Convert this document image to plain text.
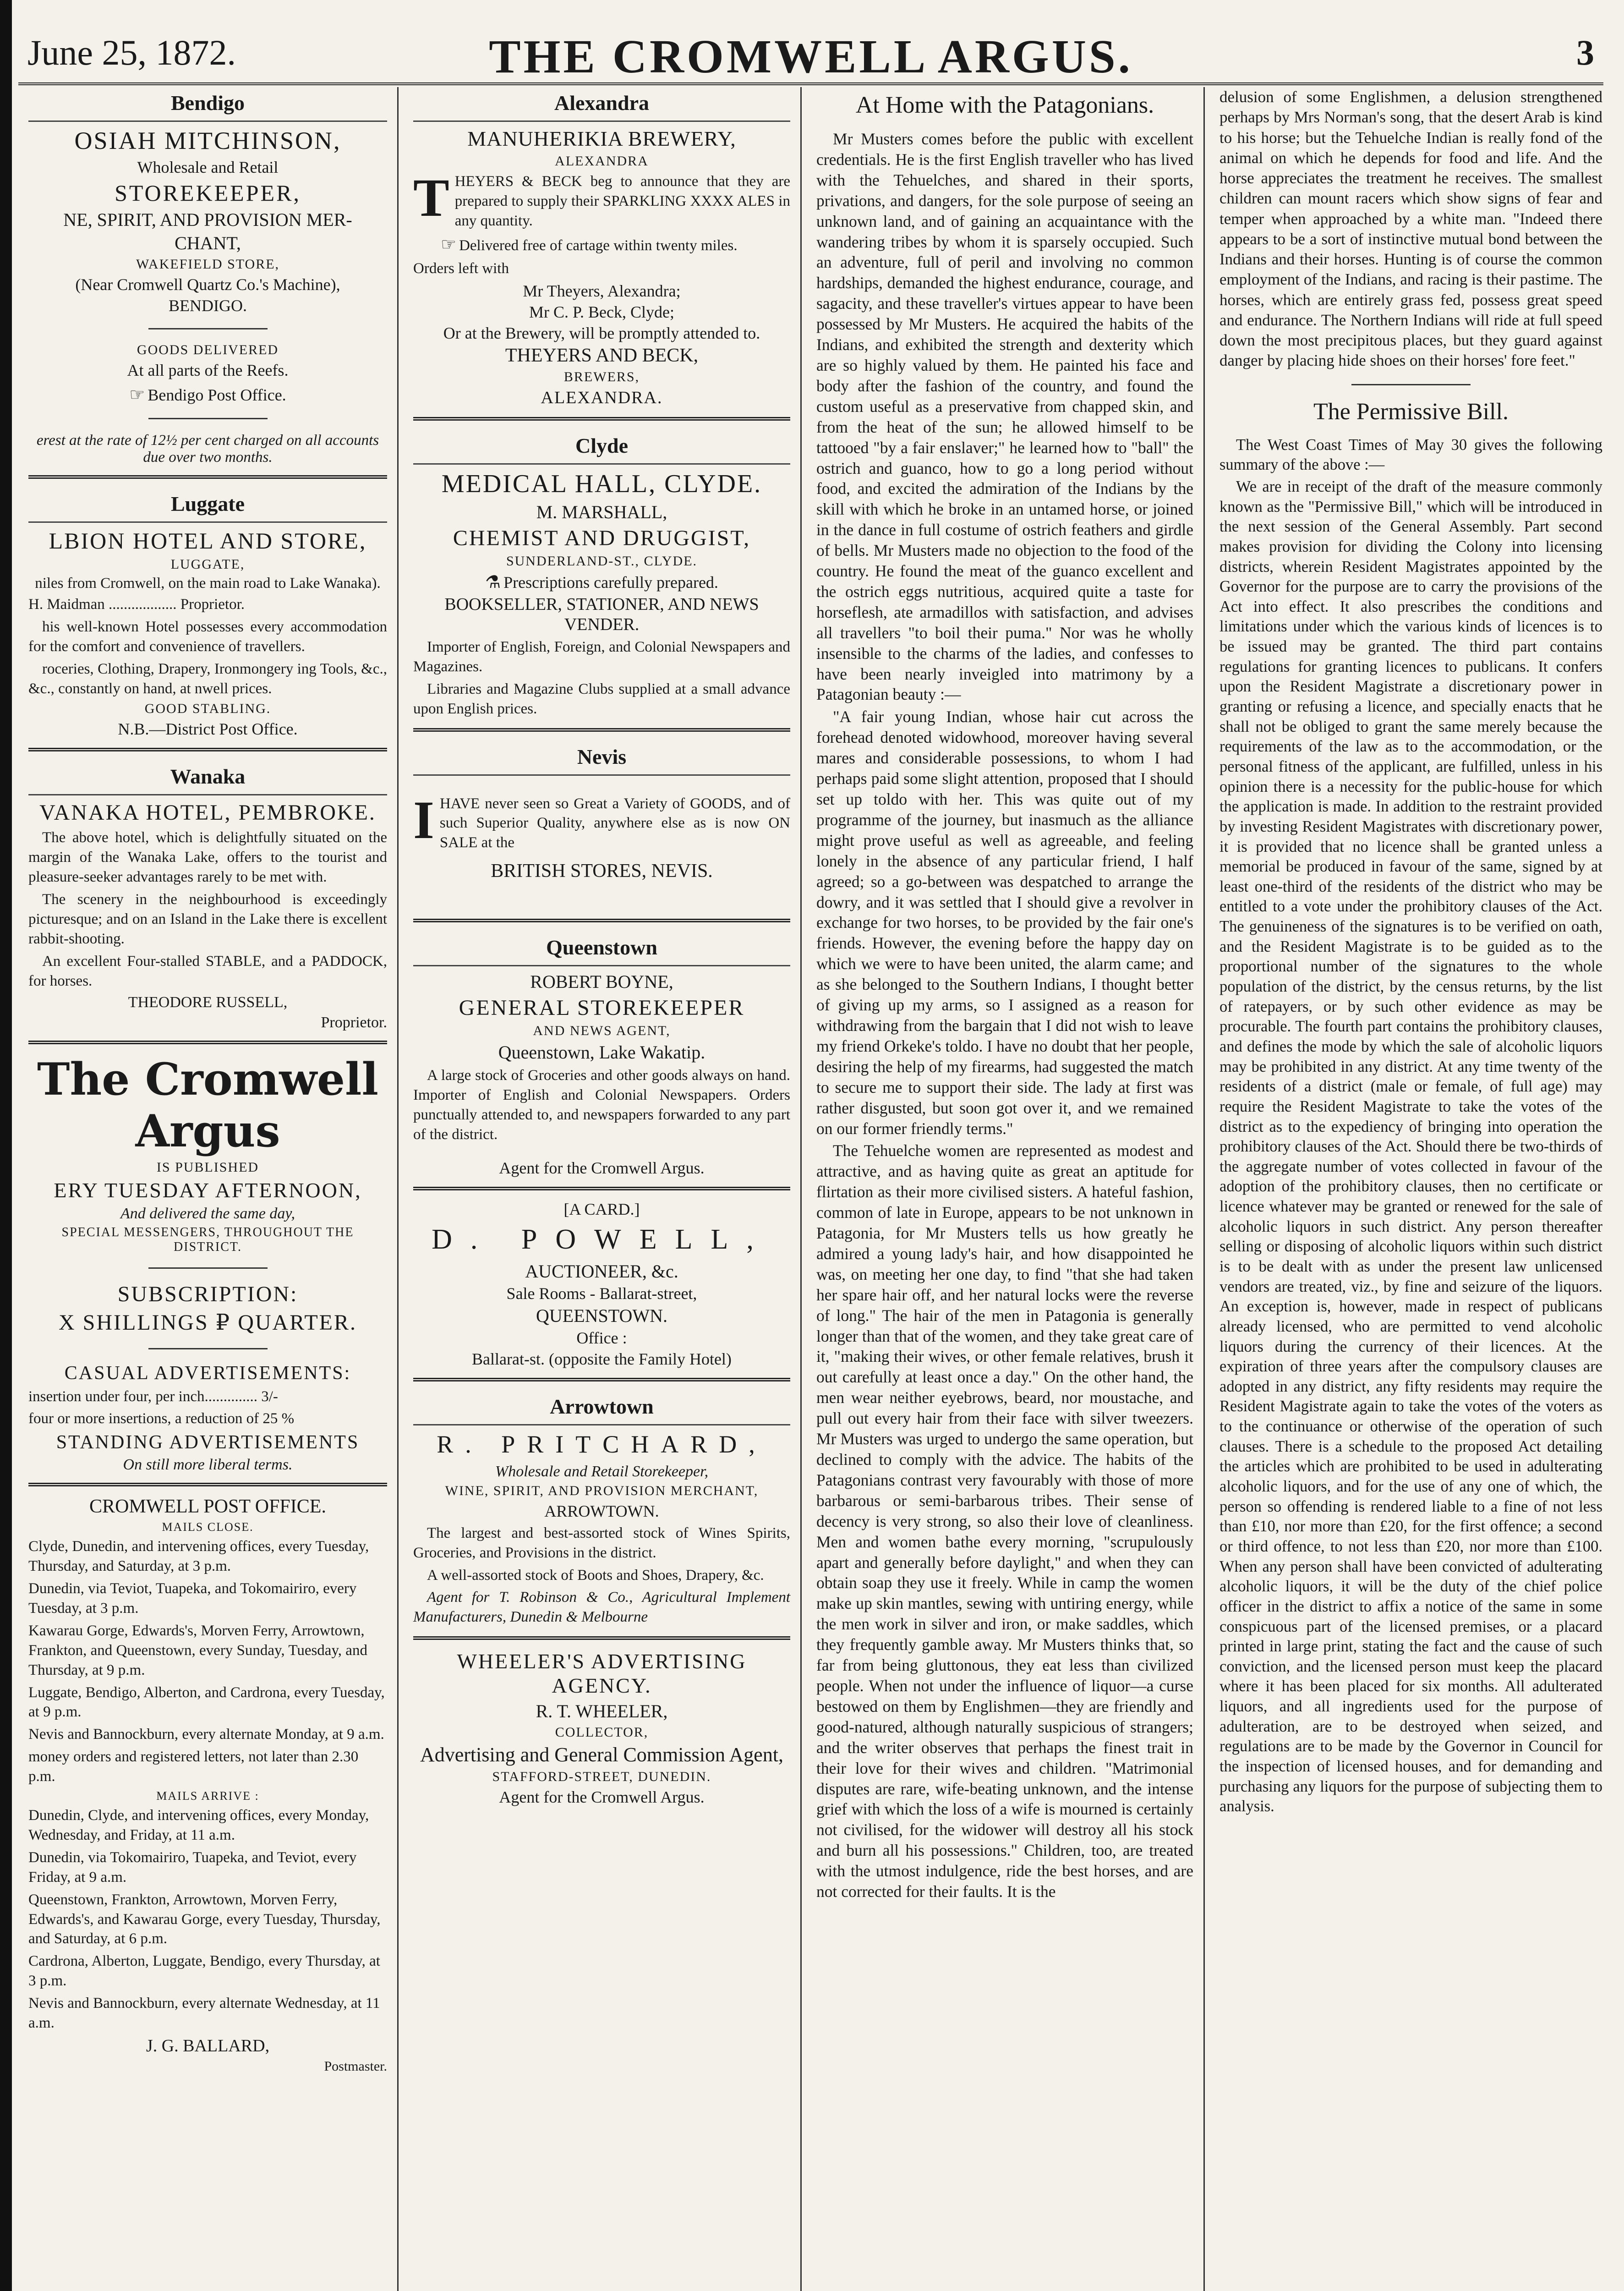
June 25, 1872.	THE CROMWELL ARGUS.	3
Bendigo
OSIAH MITCHINSON,
Wholesale and Retail
STOREKEEPER,
NE, SPIRIT, AND PROVISION MER-
CHANT,
WAKEFIELD STORE,
(Near Cromwell Quartz Co.'s Machine),
BENDIGO.
GOODS DELIVERED
At all parts of the Reefs.
☞ Bendigo Post Office.
erest at the rate of 12½ per cent charged on all accounts due over two months.
Luggate
LBION HOTEL AND STORE,
LUGGATE,
niles from Cromwell, on the main road to Lake Wanaka).
H. Maidman .................. Proprietor.
his well-known Hotel possesses every accommodation for the comfort and convenience of travellers.
roceries, Clothing, Drapery, Ironmongery ing Tools, &c., &c., constantly on hand, at nwell prices.
GOOD STABLING.
N.B.—District Post Office.
Wanaka
VANAKA HOTEL, PEMBROKE.
The above hotel, which is delightfully situated on the margin of the Wanaka Lake, offers to the tourist and pleasure-seeker advantages rarely to be met with.
The scenery in the neighbourhood is exceedingly picturesque; and on an Island in the Lake there is excellent rabbit-shooting.
An excellent Four-stalled STABLE, and a PADDOCK, for horses.
THEODORE RUSSELL,
Proprietor.
The Cromwell Argus
IS PUBLISHED
ERY TUESDAY AFTERNOON,
And delivered the same day,
SPECIAL MESSENGERS, THROUGHOUT THE DISTRICT.
SUBSCRIPTION:
X SHILLINGS ₽ QUARTER.
CASUAL ADVERTISEMENTS:
insertion under four, per inch.............. 3/-
four or more insertions, a reduction of 25 %
STANDING ADVERTISEMENTS
On still more liberal terms.
CROMWELL POST OFFICE.
MAILS CLOSE.
Clyde, Dunedin, and intervening offices, every Tuesday, Thursday, and Saturday, at 3 p.m.
Dunedin, via Teviot, Tuapeka, and Tokomairiro, every Tuesday, at 3 p.m.
Kawarau Gorge, Edwards's, Morven Ferry, Arrowtown, Frankton, and Queenstown, every Sunday, Tuesday, and Thursday, at 9 p.m.
Luggate, Bendigo, Alberton, and Cardrona, every Tuesday, at 9 p.m.
Nevis and Bannockburn, every alternate Monday, at 9 a.m.
money orders and registered letters, not later than 2.30 p.m.
MAILS ARRIVE :
Dunedin, Clyde, and intervening offices, every Monday, Wednesday, and Friday, at 11 a.m.
Dunedin, via Tokomairiro, Tuapeka, and Teviot, every Friday, at 9 a.m.
Queenstown, Frankton, Arrowtown, Morven Ferry, Edwards's, and Kawarau Gorge, every Tuesday, Thursday, and Saturday, at 6 p.m.
Cardrona, Alberton, Luggate, Bendigo, every Thursday, at 3 p.m.
Nevis and Bannockburn, every alternate Wednesday, at 11 a.m.
J. G. BALLARD,
Postmaster.
Alexandra
MANUHERIKIA BREWERY,
ALEXANDRA
THEYERS & BECK beg to announce that they are prepared to supply their SPARKLING XXXX ALES in any quantity.
☞ Delivered free of cartage within twenty miles.
Orders left with
Mr Theyers, Alexandra;
Mr C. P. Beck, Clyde;
Or at the Brewery, will be promptly attended to.
THEYERS AND BECK,
BREWERS,
ALEXANDRA.
Clyde
MEDICAL HALL, CLYDE.
M. MARSHALL,
CHEMIST AND DRUGGIST,
SUNDERLAND-ST., CLYDE.
⚗ Prescriptions carefully prepared.
BOOKSELLER, STATIONER, AND NEWS VENDER.
Importer of English, Foreign, and Colonial Newspapers and Magazines.
Libraries and Magazine Clubs supplied at a small advance upon English prices.
Nevis
IHAVE never seen so Great a Variety of GOODS, and of such Superior Quality, anywhere else as is now ON SALE at the
BRITISH STORES, NEVIS.
Queenstown
ROBERT BOYNE,
GENERAL STOREKEEPER
AND NEWS AGENT,
Queenstown, Lake Wakatip.
A large stock of Groceries and other goods always on hand. Importer of English and Colonial Newspapers. Orders punctually attended to, and newspapers forwarded to any part of the district.
Agent for the Cromwell Argus.
[A CARD.]
D. POWELL,
AUCTIONEER, &c.
Sale Rooms - Ballarat-street,
QUEENSTOWN.
Office :
Ballarat-st. (opposite the Family Hotel)
Arrowtown
R. PRITCHARD,
Wholesale and Retail Storekeeper,
WINE, SPIRIT, AND PROVISION MERCHANT,
ARROWTOWN.
The largest and best-assorted stock of Wines Spirits, Groceries, and Provisions in the district.
A well-assorted stock of Boots and Shoes, Drapery, &c.
Agent for T. Robinson & Co., Agricultural Implement Manufacturers, Dunedin & Melbourne
WHEELER'S ADVERTISING AGENCY.
R. T. WHEELER,
COLLECTOR,
Advertising and General Commission Agent,
STAFFORD-STREET, DUNEDIN.
Agent for the Cromwell Argus.
At Home with the Patagonians.
Mr Musters comes before the public with excellent credentials. He is the first English traveller who has lived with the Tehuelches, and shared in their sports, privations, and dangers, for the sole purpose of seeing an unknown land, and of gaining an acquaintance with the wandering tribes by whom it is sparsely occupied. Such an adventure, full of peril and involving no common hardships, demanded the highest endurance, courage, and sagacity, and these traveller's virtues appear to have been possessed by Mr Musters. He acquired the habits of the Indians, and exhibited the strength and dexterity which are so highly valued by them. He painted his face and body after the fashion of the country, and found the custom useful as a preservative from chapped skin, and from the heat of the sun; he allowed himself to be tattooed "by a fair enslaver;" he learned how to "ball" the ostrich and guanco, how to go a long period without food, and excited the admiration of the Indians by the skill with which he broke in an untamed horse, or joined in the dance in full costume of ostrich feathers and girdle of bells. Mr Musters made no objection to the food of the country. He found the meat of the guanco excellent and the ostrich eggs nutritious, acquired quite a taste for horseflesh, ate armadillos with satisfaction, and advises all travellers "to boil their puma." Nor was he wholly insensible to the charms of the ladies, and confesses to have been nearly inveigled into matrimony by a Patagonian beauty :—
"A fair young Indian, whose hair cut across the forehead denoted widowhood, moreover having several mares and considerable possessions, to whom I had perhaps paid some slight attention, proposed that I should set up toldo with her. This was quite out of my programme of the journey, but inasmuch as the alliance might prove useful as well as agreeable, and feeling lonely in the absence of any particular friend, I half agreed; so a go-between was despatched to arrange the dowry, and it was settled that I should give a revolver in exchange for two horses, to be provided by the fair one's friends. However, the evening before the happy day on which we were to have been united, the alarm came; and as she belonged to the Southern Indians, I thought better of giving up my arms, so I assigned as a reason for withdrawing from the bargain that I did not wish to leave my friend Orkeke's toldo. I have no doubt that her people, desiring the help of my firearms, had suggested the match to secure me to support their side. The lady at first was rather disgusted, but soon got over it, and we remained on our former friendly terms."
The Tehuelche women are represented as modest and attractive, and as having quite as great an aptitude for flirtation as their more civilised sisters. A hateful fashion, common of late in Europe, appears to be not unknown in Patagonia, for Mr Musters tells us how greatly he admired a young lady's hair, and how disappointed he was, on meeting her one day, to find "that she had taken her spare hair off, and her natural locks were the reverse of long." The hair of the men in Patagonia is generally longer than that of the women, and they take great care of it, "making their wives, or other female relatives, brush it out carefully at least once a day." On the other hand, the men wear neither eyebrows, beard, nor moustache, and pull out every hair from their face with silver tweezers. Mr Musters was urged to undergo the same operation, but declined to comply with the advice. The habits of the Patagonians contrast very favourably with those of more barbarous or semi-barbarous tribes. Their sense of decency is very strong, so also their love of cleanliness. Men and women bathe every morning, "scrupulously apart and generally before daylight," and when they can obtain soap they use it freely. While in camp the women make up skin mantles, sewing with untiring energy, while the men work in silver and iron, or make saddles, which they frequently gamble away. Mr Musters thinks that, so far from being gluttonous, they eat less than civilized people. When not under the influence of liquor—a curse bestowed on them by Englishmen—they are friendly and good-natured, although naturally suspicious of strangers; and the writer observes that perhaps the finest trait in their love for their wives and children. "Matrimonial disputes are rare, wife-beating unknown, and the intense grief with which the loss of a wife is mourned is certainly not civilised, for the widower will destroy all his stock and burn all his possessions." Children, too, are treated with the utmost indulgence, ride the best horses, and are not corrected for their faults. It is the
delusion of some Englishmen, a delusion strengthened perhaps by Mrs Norman's song, that the desert Arab is kind to his horse; but the Tehuelche Indian is really fond of the animal on which he depends for food and life. And the horse appreciates the treatment he receives. The smallest children can mount racers which show signs of fear and temper when approached by a white man. "Indeed there appears to be a sort of instinctive mutual bond between the Indians and their horses. Hunting is of course the common employment of the Indians, and racing is their pastime. The horses, which are entirely grass fed, possess great speed and endurance. The Northern Indians will ride at full speed down the most precipitous places, but they guard against danger by placing hide shoes on their horses' fore feet."
The Permissive Bill.
The West Coast Times of May 30 gives the following summary of the above :—
We are in receipt of the draft of the measure commonly known as the "Permissive Bill," which will be introduced in the next session of the General Assembly. Part second makes provision for dividing the Colony into licensing districts, wherein Resident Magistrates appointed by the Governor for the purpose are to carry the provisions of the Act into effect. It also prescribes the conditions and limitations under which the various kinds of licences is to be issued may be granted. The third part contains regulations for granting licences to publicans. It confers upon the Resident Magistrate a discretionary power in granting or refusing a licence, and specially enacts that he shall not be obliged to grant the same merely because the requirements of the law as to the accommodation, or the personal fitness of the applicant, are fulfilled, unless in his opinion there is a necessity for the public-house for which the application is made. In addition to the restraint provided by investing Resident Magistrates with discretionary power, it is provided that no licence shall be granted unless a memorial be produced in favour of the same, signed by at least one-third of the residents of the district who may be entitled to a vote under the prohibitory clauses of the Act. The genuineness of the signatures is to be verified on oath, and the Resident Magistrate is to be guided as to the proportional number of the signatures to the whole population of the district, by the census returns, by the list of ratepayers, or by such other evidence as may be procurable. The fourth part contains the prohibitory clauses, and defines the mode by which the sale of alcoholic liquors may be prohibited in any district. At any time twenty of the residents of a district (male or female, of full age) may require the Resident Magistrate to take the votes of the district as to the expediency of bringing into operation the prohibitory clauses of the Act. Should there be two-thirds of the aggregate number of votes collected in favour of the adoption of the prohibitory clauses, then no certificate or licence whatever may be granted or renewed for the sale of alcoholic liquors in such district. Any person thereafter selling or disposing of alcoholic liquors within such district is to be dealt with as under the present law unlicensed vendors are treated, viz., by fine and seizure of the liquors. An exception is, however, made in respect of publicans already licensed, who are permitted to vend alcoholic liquors during the currency of their licences. At the expiration of three years after the compulsory clauses are adopted in any district, any fifty residents may require the Resident Magistrate again to take the votes of the voters as to the continuance or otherwise of the operation of such clauses. There is a schedule to the proposed Act detailing the articles which are prohibited to be used in adulterating alcoholic liquors, and for the use of any one of which, the person so offending is rendered liable to a fine of not less than £10, nor more than £20, for the first offence; a second or third offence, to not less than £20, nor more than £100. When any person shall have been convicted of adulterating alcoholic liquors, it will be the duty of the chief police officer in the district to affix a notice of the same in some conspicuous part of the licensed premises, or a placard printed in large print, stating the fact and the cause of such conviction, and the licensed person must keep the placard where it has been placed for six months. All adulterated liquors, and all ingredients used for the purpose of adulteration, are to be destroyed when seized, and regulations are to be made by the Governor in Council for the inspection of licensed houses, and for demanding and purchasing any liquors for the purpose of subjecting them to analysis.
